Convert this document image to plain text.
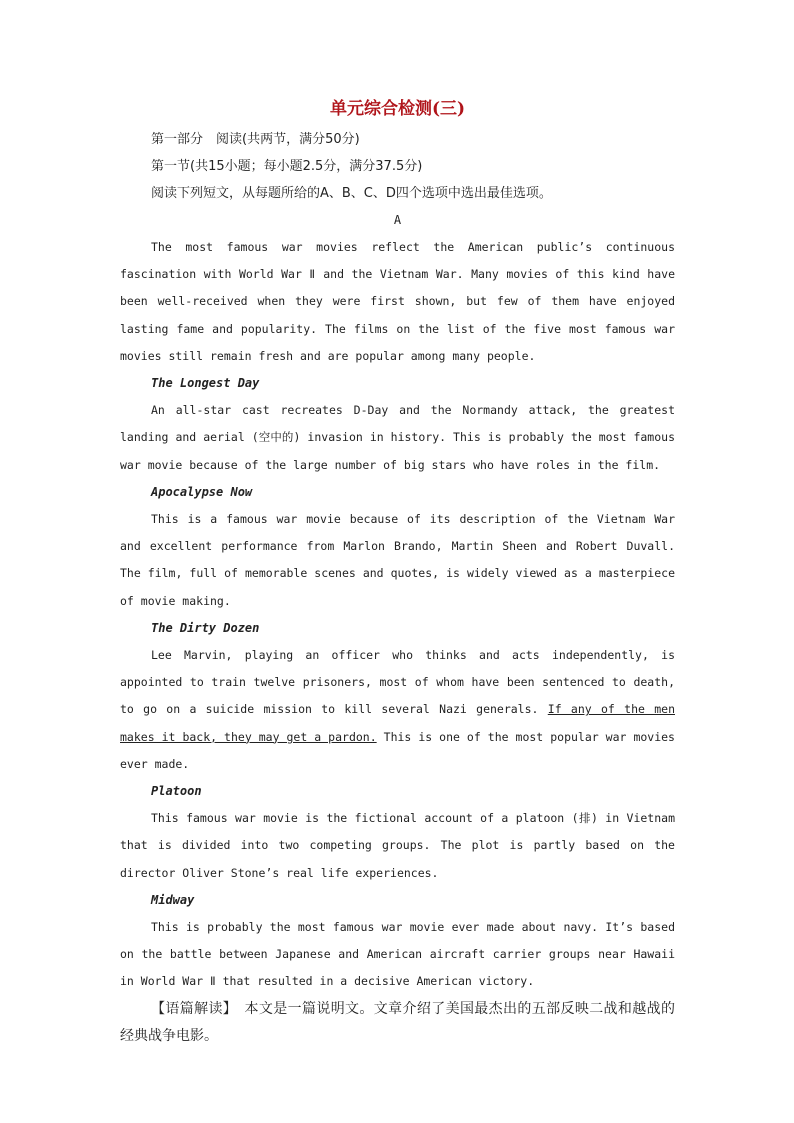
单元综合检测(三)

第一部分　阅读(共两节，满分50分)

第一节(共15小题；每小题2.5分，满分37.5分)

阅读下列短文，从每题所给的A、B、C、D四个选项中选出最佳选项。

A

The most famous war movies reflect the American public’s continuous fascination with World War Ⅱ and the Vietnam War. Many movies of this kind have been well-received when they were first shown, but few of them have enjoyed lasting fame and popularity. The films on the list of the five most famous war movies still remain fresh and are popular among many people.

The Longest Day

An all-star cast recreates D-Day and the Normandy attack, the greatest landing and aerial (空中的) invasion in history. This is probably the most famous war movie because of the large number of big stars who have roles in the film.

Apocalypse Now

This is a famous war movie because of its description of the Vietnam War and excellent performance from Marlon Brando, Martin Sheen and Robert Duvall. The film, full of memorable scenes and quotes, is widely viewed as a masterpiece of movie making.

The Dirty Dozen

Lee Marvin, playing an officer who thinks and acts independently, is appointed to train twelve prisoners, most of whom have been sentenced to death, to go on a suicide mission to kill several Nazi generals. If any of the men makes it back, they may get a pardon. This is one of the most popular war movies ever made.

Platoon

This famous war movie is the fictional account of a platoon (排) in Vietnam that is divided into two competing groups. The plot is partly based on the director Oliver Stone’s real life experiences.

Midway

This is probably the most famous war movie ever made about navy. It’s based on the battle between Japanese and American aircraft carrier groups near Hawaii in World War Ⅱ that resulted in a decisive American victory.

【语篇解读】　本文是一篇说明文。文章介绍了美国最杰出的五部反映二战和越战的经典战争电影。
